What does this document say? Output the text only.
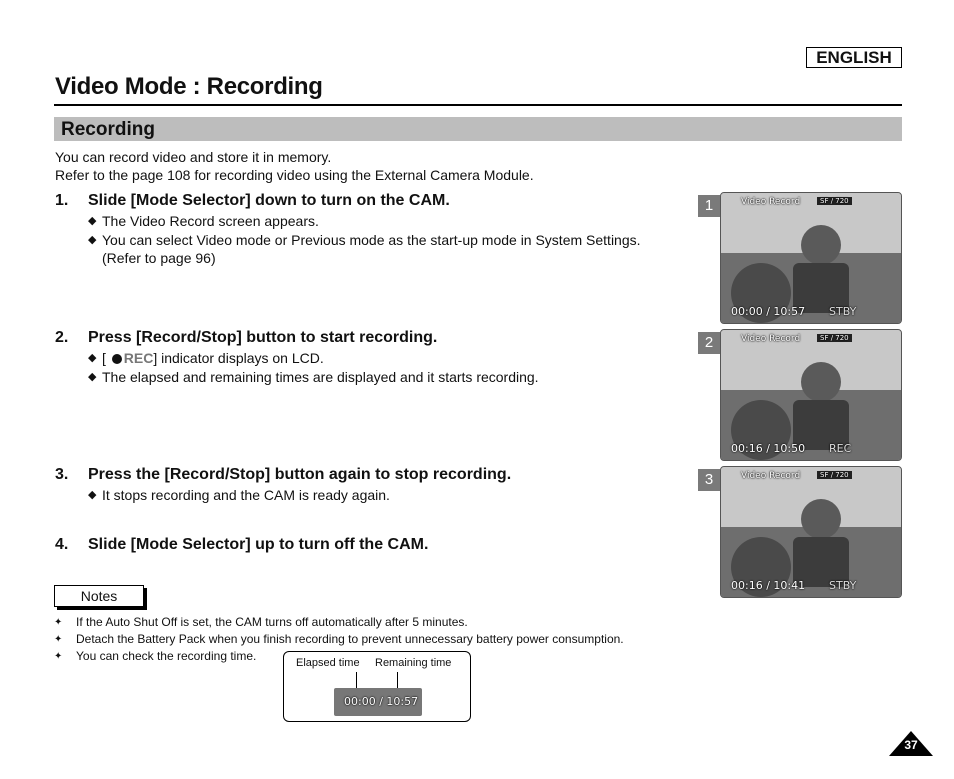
ENGLISH
Video Mode : Recording
Recording
You can record video and store it in memory.
Refer to the page 108 for recording video using the External Camera Module.
1. Slide [Mode Selector] down to turn on the CAM.
◆ The Video Record screen appears.
◆ You can select Video mode or Previous mode as the start-up mode in System Settings.
(Refer to page 96)
2. Press [Record/Stop] button to start recording.
◆ [ REC] indicator displays on LCD.
◆ The elapsed and remaining times are displayed and it starts recording.
3. Press the [Record/Stop] button again to stop recording.
◆ It stops recording and the CAM is ready again.
4. Slide [Mode Selector] up to turn off the CAM.
1	Video Record	SF / 720
00:00 / 10:57 STBY
2	Video Record	SF / 720
00:16 / 10:50 REC
3	Video Record	SF / 720
00:16 / 10:41 STBY
Notes
✦ If the Auto Shut Off is set, the CAM turns off automatically after 5 minutes.
✦ Detach the Battery Pack when you finish recording to prevent unnecessary battery power consumption.
✦ You can check the recording time.	Elapsed time Remaining time
00:00 / 10:57
37
